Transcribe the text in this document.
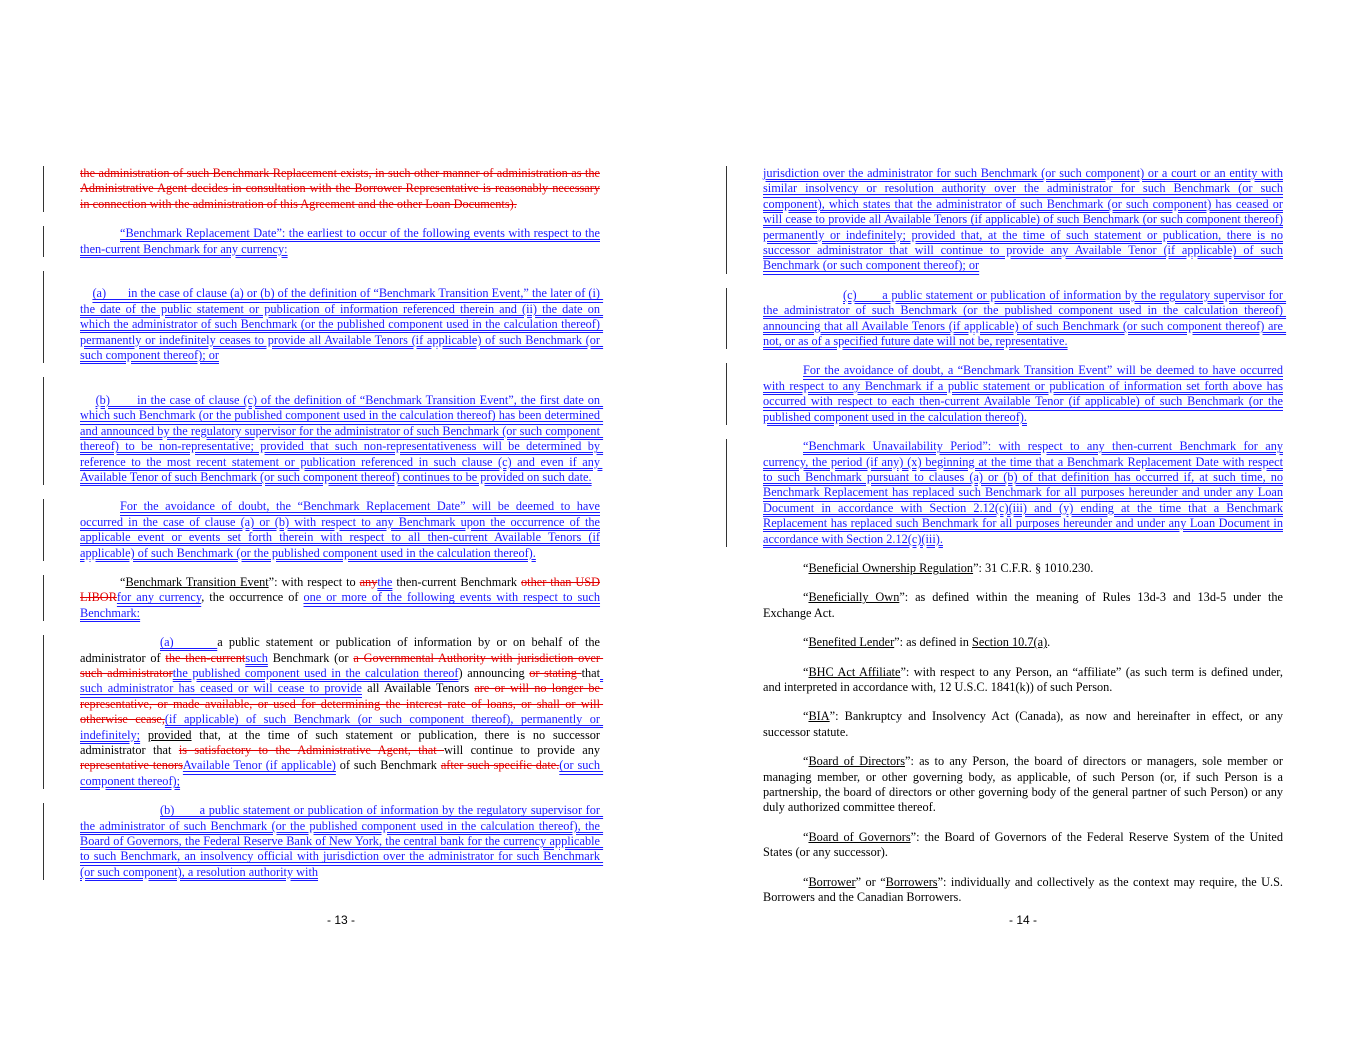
the administration of such Benchmark Replacement exists, in such other manner of administration as the Administrative Agent decides in consultation with the Borrower Representative is reasonably necessary in connection with the administration of this Agreement and the other Loan Documents).

“Benchmark Replacement Date”: the earliest to occur of the following events with respect to the then-current Benchmark for any currency:

(a)       in the case of clause (a) or (b) of the definition of “Benchmark Transition Event,” the later of (i) the date of the public statement or publication of information referenced therein and (ii) the date on which the administrator of such Benchmark (or the published component used in the calculation thereof) permanently or indefinitely ceases to provide all Available Tenors (if applicable) of such Benchmark (or such component thereof); or

(b)       in the case of clause (c) of the definition of “Benchmark Transition Event”, the first date on which such Benchmark (or the published component used in the calculation thereof) has been determined and announced by the regulatory supervisor for the administrator of such Benchmark (or such component thereof) to be non-representative; provided that such non-representativeness will be determined by reference to the most recent statement or publication referenced in such clause (c) and even if any Available Tenor of such Benchmark (or such component thereof) continues to be provided on such date.

For the avoidance of doubt, the “Benchmark Replacement Date” will be deemed to have occurred in the case of clause (a) or (b) with respect to any Benchmark upon the occurrence of the applicable event or events set forth therein with respect to all then-current Available Tenors (if applicable) of such Benchmark (or the published component used in the calculation thereof).

“Benchmark Transition Event”: with respect to anythe then-current Benchmark other than USD LIBORfor any currency, the occurrence of one or more of the following events with respect to such Benchmark:

(a)       a public statement or publication of information by or on behalf of the administrator of the then-currentsuch Benchmark (or a Governmental Authority with jurisdiction over such administratorthe published component used in the calculation thereof) announcing or stating that such administrator has ceased or will cease to provide all Available Tenors are or will no longer be representative, or made available, or used for determining the interest rate of loans, or shall or will otherwise cease,(if applicable) of such Benchmark (or such component thereof), permanently or indefinitely; provided that, at the time of such statement or publication, there is no successor administrator that is satisfactory to the Administrative Agent, that will continue to provide any representative tenorsAvailable Tenor (if applicable) of such Benchmark after such specific date.(or such component thereof);

(b)       a public statement or publication of information by the regulatory supervisor for the administrator of such Benchmark (or the published component used in the calculation thereof), the Board of Governors, the Federal Reserve Bank of New York, the central bank for the currency applicable to such Benchmark, an insolvency official with jurisdiction over the administrator for such Benchmark (or such component), a resolution authority with

- 13 -

jurisdiction over the administrator for such Benchmark (or such component) or a court or an entity with similar insolvency or resolution authority over the administrator for such Benchmark (or such component), which states that the administrator of such Benchmark (or such component) has ceased or will cease to provide all Available Tenors (if applicable) of such Benchmark (or such component thereof) permanently or indefinitely; provided that, at the time of such statement or publication, there is no successor administrator that will continue to provide any Available Tenor (if applicable) of such Benchmark (or such component thereof); or

(c)       a public statement or publication of information by the regulatory supervisor for the administrator of such Benchmark (or the published component used in the calculation thereof) announcing that all Available Tenors (if applicable) of such Benchmark (or such component thereof) are not, or as of a specified future date will not be, representative.

For the avoidance of doubt, a “Benchmark Transition Event” will be deemed to have occurred with respect to any Benchmark if a public statement or publication of information set forth above has occurred with respect to each then-current Available Tenor (if applicable) of such Benchmark (or the published component used in the calculation thereof).

“Benchmark Unavailability Period”: with respect to any then-current Benchmark for any currency, the period (if any) (x) beginning at the time that a Benchmark Replacement Date with respect to such Benchmark pursuant to clauses (a) or (b) of that definition has occurred if, at such time, no Benchmark Replacement has replaced such Benchmark for all purposes hereunder and under any Loan Document in accordance with Section 2.12(c)(iii) and (y) ending at the time that a Benchmark Replacement has replaced such Benchmark for all purposes hereunder and under any Loan Document in accordance with Section 2.12(c)(iii).

“Beneficial Ownership Regulation”: 31 C.F.R. § 1010.230.

“Beneficially Own”: as defined within the meaning of Rules 13d-3 and 13d-5 under the Exchange Act.

“Benefited Lender”: as defined in Section 10.7(a).

“BHC Act Affiliate”: with respect to any Person, an “affiliate” (as such term is defined under, and interpreted in accordance with, 12 U.S.C. 1841(k)) of such Person.

“BIA”: Bankruptcy and Insolvency Act (Canada), as now and hereinafter in effect, or any successor statute.

“Board of Directors”: as to any Person, the board of directors or managers, sole member or managing member, or other governing body, as applicable, of such Person (or, if such Person is a partnership, the board of directors or other governing body of the general partner of such Person) or any duly authorized committee thereof.

“Board of Governors”: the Board of Governors of the Federal Reserve System of the United States (or any successor).

“Borrower” or “Borrowers”: individually and collectively as the context may require, the U.S. Borrowers and the Canadian Borrowers.

- 14 -
